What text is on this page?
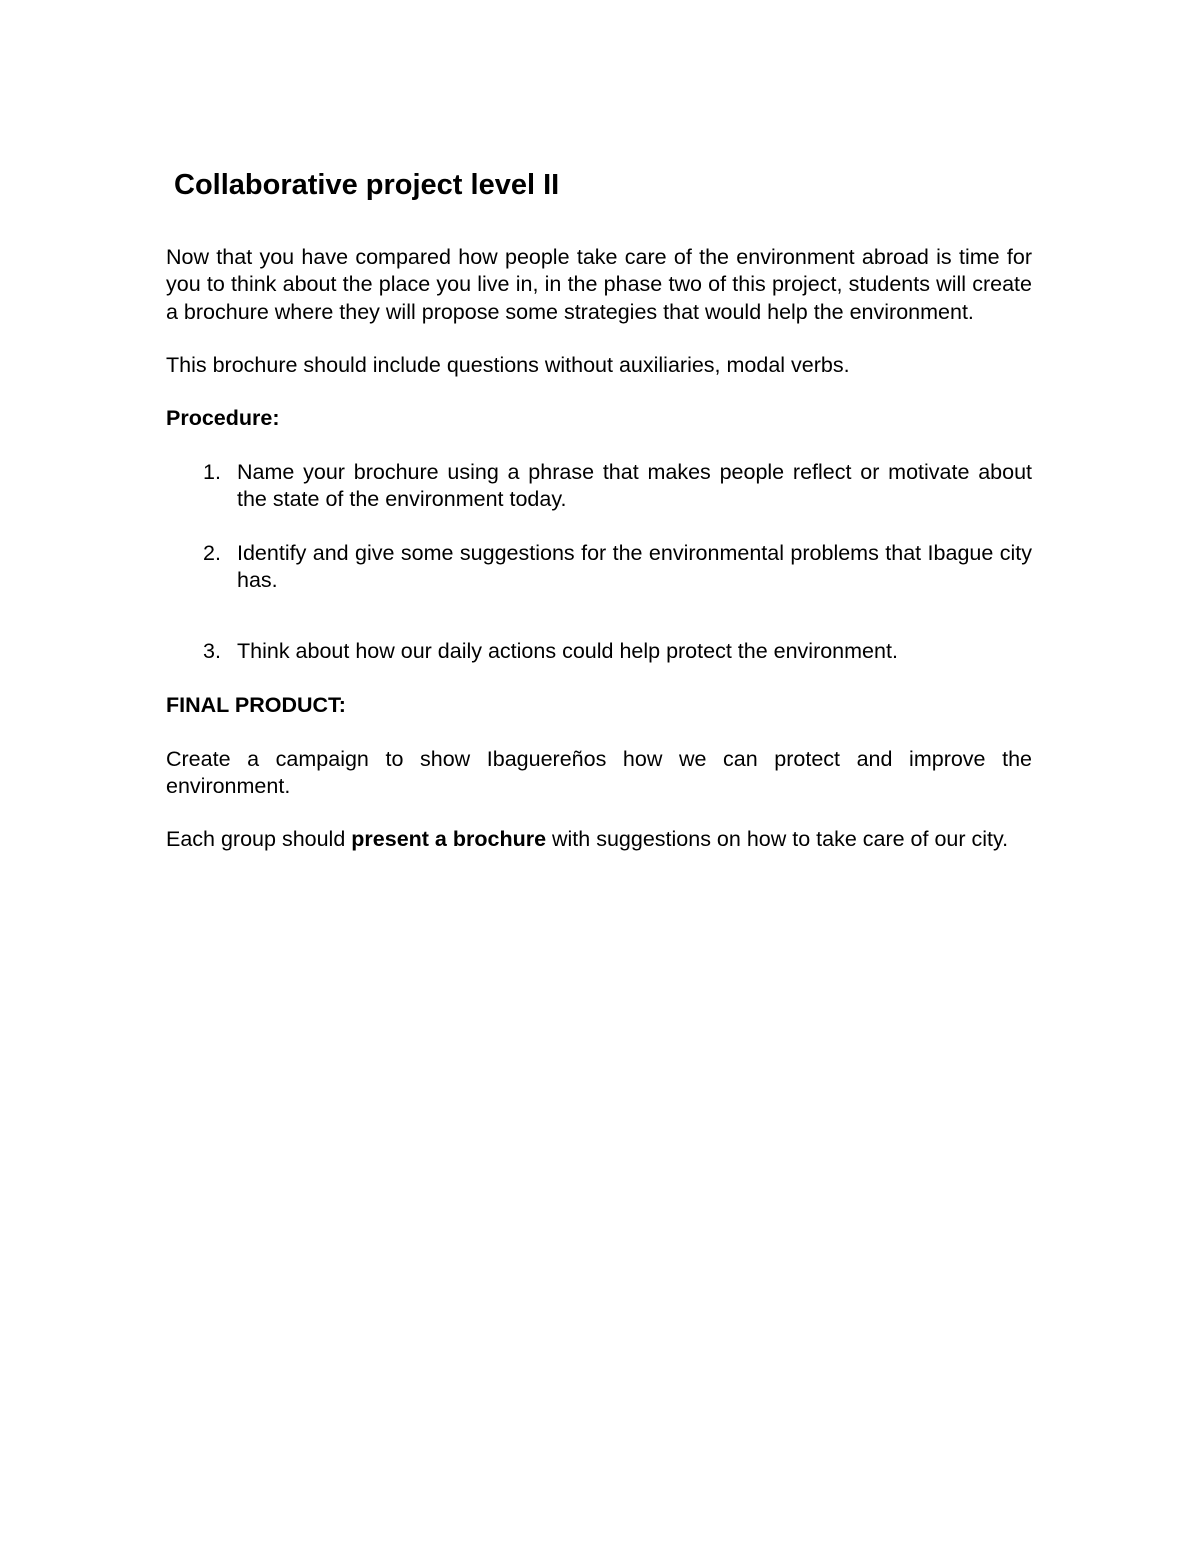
Collaborative project level II

Now that you have compared how people take care of the environment abroad is time for you to think about the place you live in, in the phase two of this project, students will create a brochure where they will propose some strategies that would help the environment.

This brochure should include questions without auxiliaries, modal verbs.

Procedure:

1. Name your brochure using a phrase that makes people reflect or motivate about the state of the environment today.
2. Identify and give some suggestions for the environmental problems that Ibague city has.
3. Think about how our daily actions could help protect the environment.

FINAL PRODUCT:

Create a campaign to show Ibaguereños how we can protect and improve the environment.

Each group should present a brochure with suggestions on how to take care of our city.
